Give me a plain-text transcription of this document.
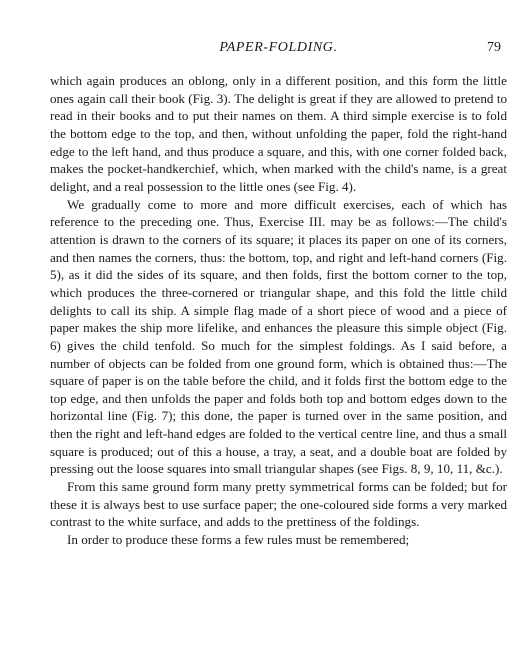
PAPER-FOLDING.	79

which again produces an oblong, only in a different position, and this form the little ones again call their book (Fig. 3). The delight is great if they are allowed to pretend to read in their books and to put their names on them. A third simple exercise is to fold the bottom edge to the top, and then, without unfolding the paper, fold the right-hand edge to the left hand, and thus produce a square, and this, with one corner folded back, makes the pocket-handkerchief, which, when marked with the child's name, is a great delight, and a real possession to the little ones (see Fig. 4).

We gradually come to more and more difficult exercises, each of which has reference to the preceding one. Thus, Exercise III. may be as follows:—The child's attention is drawn to the corners of its square; it places its paper on one of its corners, and then names the corners, thus: the bottom, top, and right and left-hand corners (Fig. 5), as it did the sides of its square, and then folds, first the bottom corner to the top, which produces the three-cornered or triangular shape, and this fold the little child delights to call its ship. A simple flag made of a short piece of wood and a piece of paper makes the ship more lifelike, and enhances the pleasure this simple object (Fig. 6) gives the child tenfold. So much for the simplest foldings. As I said before, a number of objects can be folded from one ground form, which is obtained thus:—The square of paper is on the table before the child, and it folds first the bottom edge to the top edge, and then unfolds the paper and folds both top and bottom edges down to the horizontal line (Fig. 7); this done, the paper is turned over in the same position, and then the right and left-hand edges are folded to the vertical centre line, and thus a small square is produced; out of this a house, a tray, a seat, and a double boat are folded by pressing out the loose squares into small triangular shapes (see Figs. 8, 9, 10, 11, &c.).

From this same ground form many pretty symmetrical forms can be folded; but for these it is always best to use surface paper; the one-coloured side forms a very marked contrast to the white surface, and adds to the prettiness of the foldings.

In order to produce these forms a few rules must be remembered;
